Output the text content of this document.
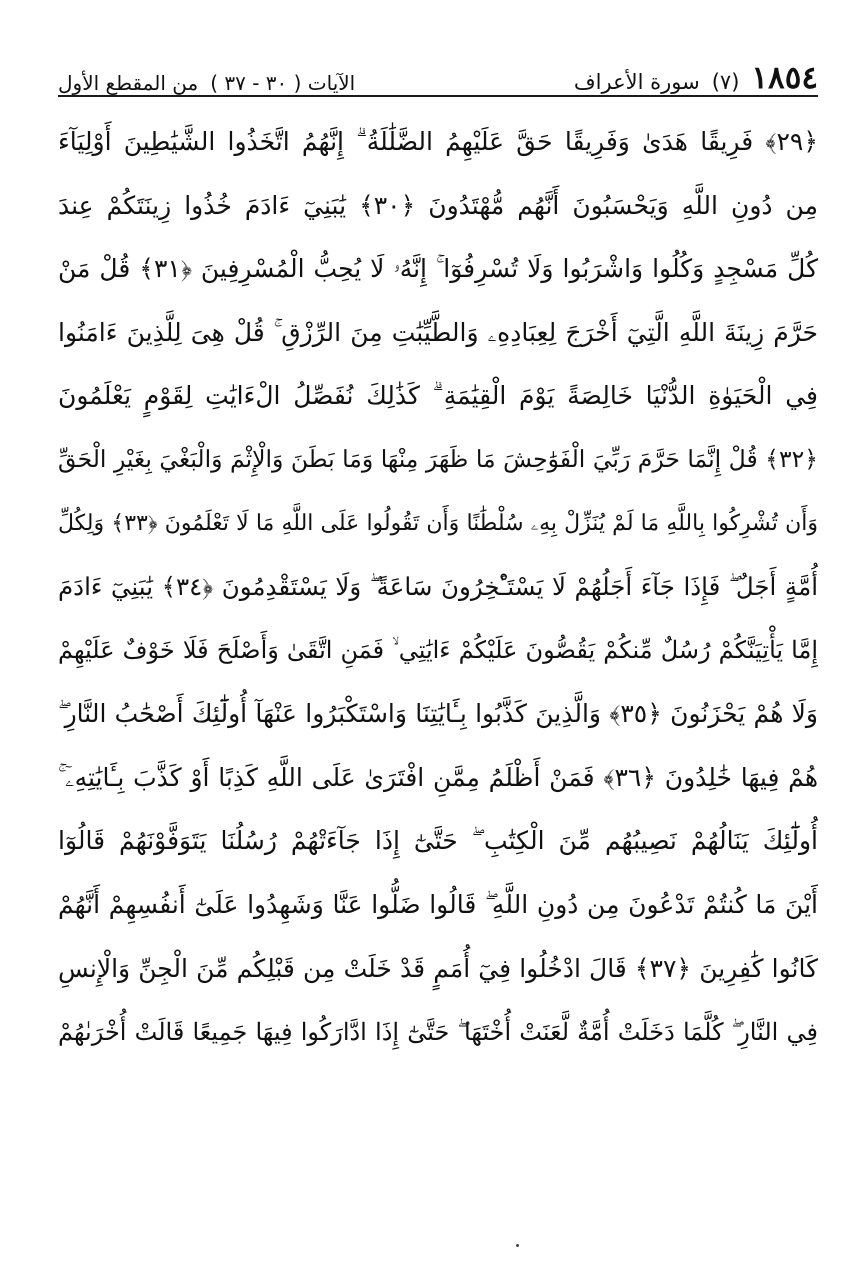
١٨٥٤
(٧)
سورة الأعراف
الآيات ( ٣٠ - ٣٧ )
من المقطع الأول
﴿٢٩﴾ فَرِيقًا هَدَىٰ وَفَرِيقًا حَقَّ عَلَيْهِمُ الضَّلَٰلَةُ ۗ إِنَّهُمُ اتَّخَذُوا الشَّيَٰطِينَ أَوْلِيَآءَ
مِن دُونِ اللَّهِ وَيَحْسَبُونَ أَنَّهُم مُّهْتَدُونَ ﴿٣٠﴾ يَٰبَنِيٓ ءَادَمَ خُذُوا زِينَتَكُمْ عِندَ
كُلِّ مَسْجِدٍ وَكُلُوا وَاشْرَبُوا وَلَا تُسْرِفُوٓا ۚ إِنَّهُۥ لَا يُحِبُّ الْمُسْرِفِينَ ﴿٣١﴾ قُلْ مَنْ
حَرَّمَ زِينَةَ اللَّهِ الَّتِيٓ أَخْرَجَ لِعِبَادِهِۦ وَالطَّيِّبَٰتِ مِنَ الرِّزْقِ ۚ قُلْ هِىَ لِلَّذِينَ ءَامَنُوا
فِي الْحَيَوٰةِ الدُّنْيَا خَالِصَةً يَوْمَ الْقِيَٰمَةِ ۗ كَذَٰلِكَ نُفَصِّلُ الْءَايَٰتِ لِقَوْمٍ يَعْلَمُونَ
﴿٣٢﴾ قُلْ إِنَّمَا حَرَّمَ رَبِّيَ الْفَوَٰحِشَ مَا ظَهَرَ مِنْهَا وَمَا بَطَنَ وَالْإِثْمَ وَالْبَغْيَ بِغَيْرِ الْحَقِّ
وَأَن تُشْرِكُوا بِاللَّهِ مَا لَمْ يُنَزِّلْ بِهِۦ سُلْطَٰنًا وَأَن تَقُولُوا عَلَى اللَّهِ مَا لَا تَعْلَمُونَ ﴿٣٣﴾ وَلِكُلِّ
أُمَّةٍ أَجَلٌ ۖ فَإِذَا جَآءَ أَجَلُهُمْ لَا يَسْتَـْٔخِرُونَ سَاعَةً ۖ وَلَا يَسْتَقْدِمُونَ ﴿٣٤﴾ يَٰبَنِيٓ ءَادَمَ
إِمَّا يَأْتِيَنَّكُمْ رُسُلٌ مِّنكُمْ يَقُصُّونَ عَلَيْكُمْ ءَايَٰتِي ۙ فَمَنِ اتَّقَىٰ وَأَصْلَحَ فَلَا خَوْفٌ عَلَيْهِمْ
وَلَا هُمْ يَحْزَنُونَ ﴿٣٥﴾ وَالَّذِينَ كَذَّبُوا بِـَٔايَٰتِنَا وَاسْتَكْبَرُوا عَنْهَآ أُولَٰٓئِكَ أَصْحَٰبُ النَّارِ ۖ
هُمْ فِيهَا خَٰلِدُونَ ﴿٣٦﴾ فَمَنْ أَظْلَمُ مِمَّنِ افْتَرَىٰ عَلَى اللَّهِ كَذِبًا أَوْ كَذَّبَ بِـَٔايَٰتِهِۦٓ ۚ
أُولَٰٓئِكَ يَنَالُهُمْ نَصِيبُهُم مِّنَ الْكِتَٰبِ ۖ حَتَّىٰٓ إِذَا جَآءَتْهُمْ رُسُلُنَا يَتَوَفَّوْنَهُمْ قَالُوٓا
أَيْنَ مَا كُنتُمْ تَدْعُونَ مِن دُونِ اللَّهِ ۖ قَالُوا ضَلُّوا عَنَّا وَشَهِدُوا عَلَىٰٓ أَنفُسِهِمْ أَنَّهُمْ
كَانُوا كَٰفِرِينَ ﴿٣٧﴾ قَالَ ادْخُلُوا فِيٓ أُمَمٍ قَدْ خَلَتْ مِن قَبْلِكُم مِّنَ الْجِنِّ وَالْإِنسِ
فِي النَّارِ ۖ كُلَّمَا دَخَلَتْ أُمَّةٌ لَّعَنَتْ أُخْتَهَا ۖ حَتَّىٰٓ إِذَا ادَّارَكُوا فِيهَا جَمِيعًا قَالَتْ أُخْرَىٰهُمْ
